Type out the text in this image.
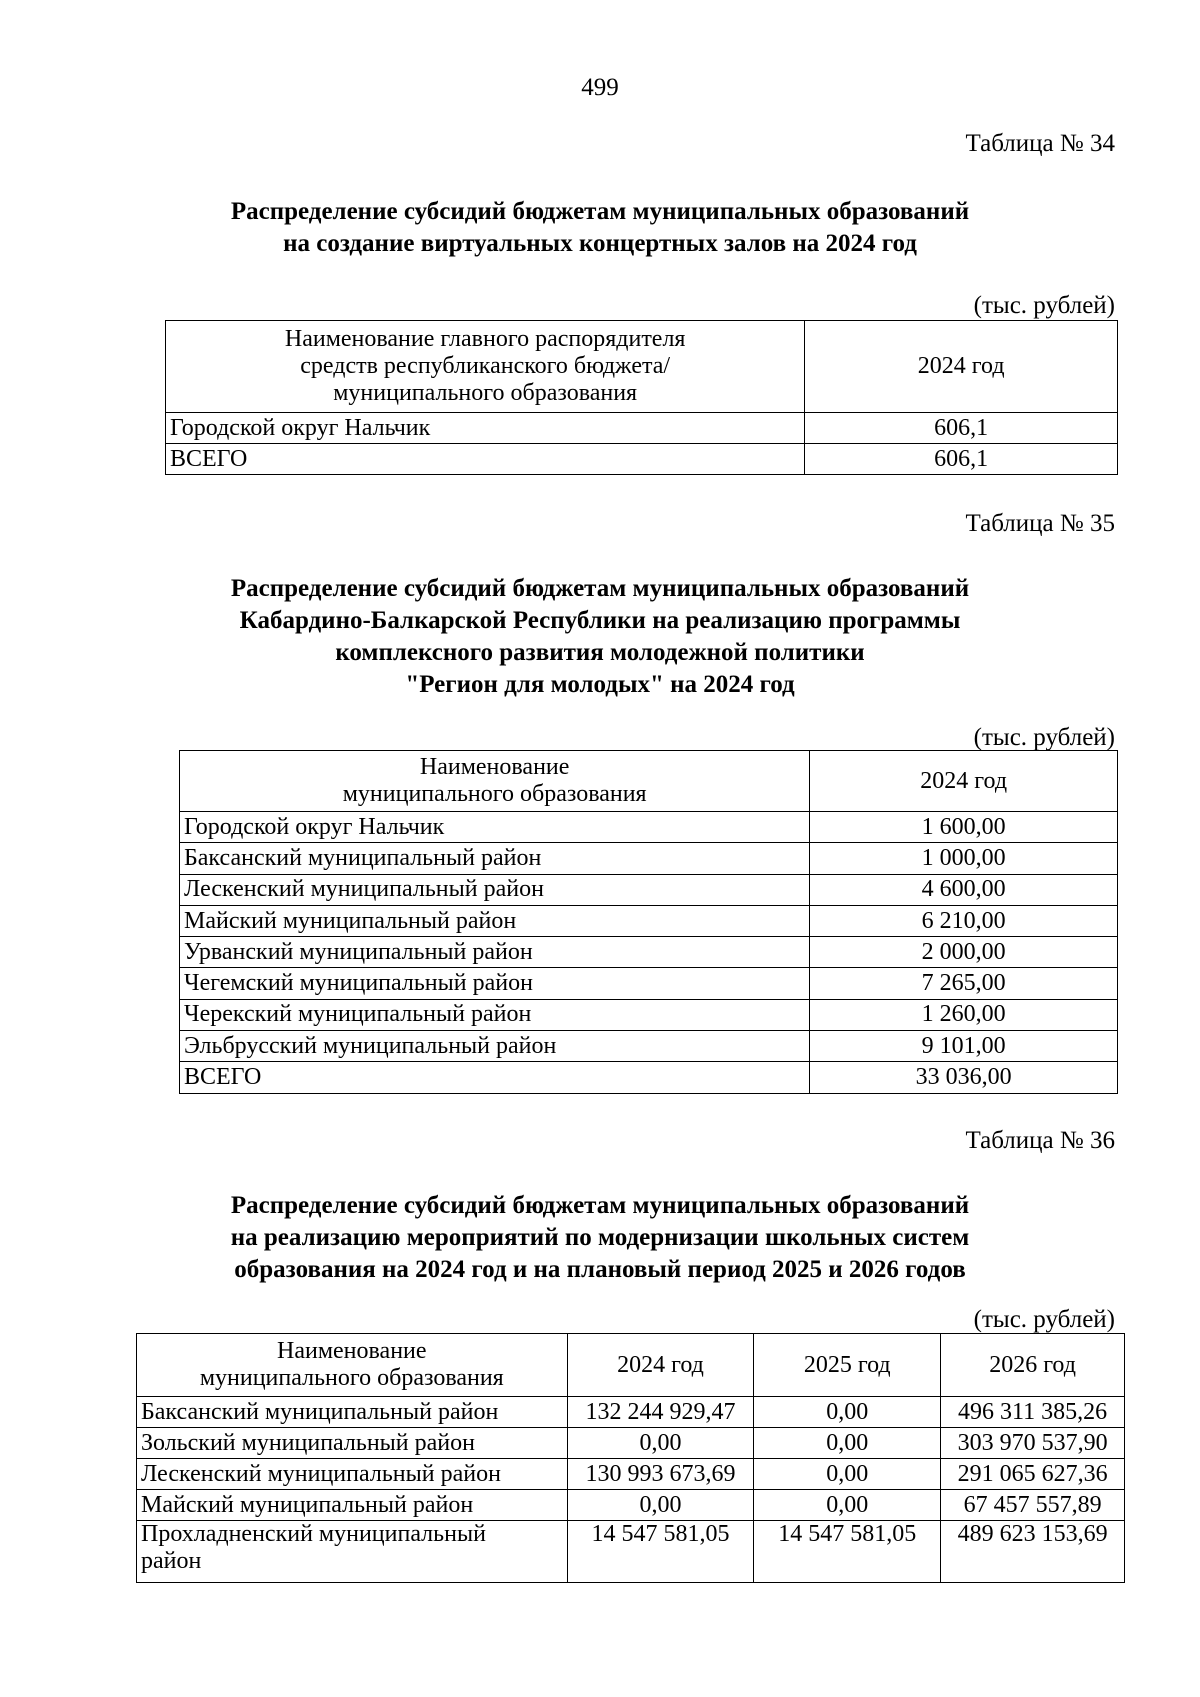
499
Таблица № 34
Распределение субсидий бюджетам муниципальных образований
на создание виртуальных концертных залов на 2024 год
(тыс. рублей)
Наименование главного распорядителя
средств республиканского бюджета/
муниципального образования	2024 год
Городской округ Нальчик	606,1
ВСЕГО	606,1
Таблица № 35
Распределение субсидий бюджетам муниципальных образований
Кабардино-Балкарской Республики на реализацию программы
комплексного развития молодежной политики
"Регион для молодых" на 2024 год
(тыс. рублей)
Наименование
муниципального образования	2024 год
Городской округ Нальчик	1 600,00
Баксанский муниципальный район	1 000,00
Лескенский муниципальный район	4 600,00
Майский муниципальный район	6 210,00
Урванский муниципальный район	2 000,00
Чегемский муниципальный район	7 265,00
Черекский муниципальный район	1 260,00
Эльбрусский муниципальный район	9 101,00
ВСЕГО	33 036,00
Таблица № 36
Распределение субсидий бюджетам муниципальных образований
на реализацию мероприятий по модернизации школьных систем
образования на 2024 год и на плановый период 2025 и 2026 годов
(тыс. рублей)
Наименование
муниципального образования	2024 год	2025 год	2026 год
Баксанский муниципальный район	132 244 929,47	0,00	496 311 385,26
Зольский муниципальный район	0,00	0,00	303 970 537,90
Лескенский муниципальный район	130 993 673,69	0,00	291 065 627,36
Майский муниципальный район	0,00	0,00	67 457 557,89

Прохладненский муниципальный
район	14 547 581,05	14 547 581,05	489 623 153,69
